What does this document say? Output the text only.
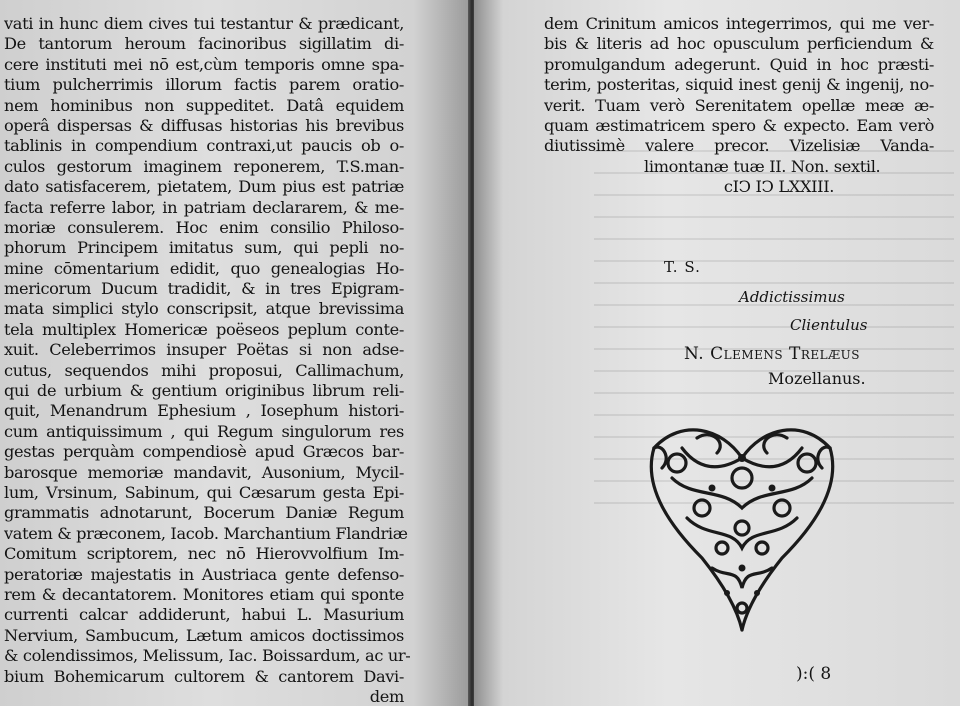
vati in hunc diem cives tui testantur & prædicant,
De tantorum heroum facinoribus sigillatim di-
cere instituti mei nō est,cùm temporis omne spa-
tium pulcherrimis illorum factis parem oratio-
nem hominibus non suppeditet. Datâ equidem
operâ dispersas & diffusas historias his brevibus
tablinis in compendium contraxi,ut paucis ob o-
culos gestorum imaginem reponerem, T.S.man-
dato satisfacerem, pietatem, Dum pius est patriæ
facta referre labor, in patriam declararem, & me-
moriæ consulerem. Hoc enim consilio Philoso-
phorum Principem imitatus sum, qui pepli no-
mine cōmentarium edidit, quo genealogias Ho-
mericorum Ducum tradidit, & in tres Epigram-
mata simplici stylo conscripsit, atque brevissima
tela multiplex Homericæ poëseos peplum conte-
xuit. Celeberrimos insuper Poëtas si non adse-
cutus, sequendos mihi proposui, Callimachum,
qui de urbium & gentium originibus librum reli-
quit, Menandrum Ephesium , Iosephum histori-
cum antiquissimum , qui Regum singulorum res
gestas perquàm compendiosè apud Græcos bar-
barosque memoriæ mandavit, Ausonium, Mycil-
lum, Vrsinum, Sabinum, qui Cæsarum gesta Epi-
grammatis adnotarunt, Bocerum Daniæ Regum
vatem & præconem, Iacob. Marchantium Flandriæ
Comitum scriptorem, nec nō Hierovvolfium Im-
peratoriæ majestatis in Austriaca gente defenso-
rem & decantatorem. Monitores etiam qui sponte
currenti calcar addiderunt, habui L. Masurium
Nervium, Sambucum, Lætum amicos doctissimos
& colendissimos, Melissum, Iac. Boissardum, ac ur-
bium Bohemicarum cultorem & cantorem Davi-
dem
dem Crinitum amicos integerrimos, qui me ver-
bis & literis ad hoc opusculum perficiendum &
promulgandum adegerunt. Quid in hoc præsti-
terim, posteritas, siquid inest genij & ingenij, no-
verit. Tuam verò Serenitatem opellæ meæ æ-
quam æstimatricem spero & expecto. Eam verò
diutissimè valere precor. Vizelisiæ Vanda-
limontanæ tuæ II. Non. sextil.
cIↃ IↃ LXXIII.
T. S.
Addictissimus
Clientulus
N. Clemens Trelæus
Mozellanus.
):( 8
